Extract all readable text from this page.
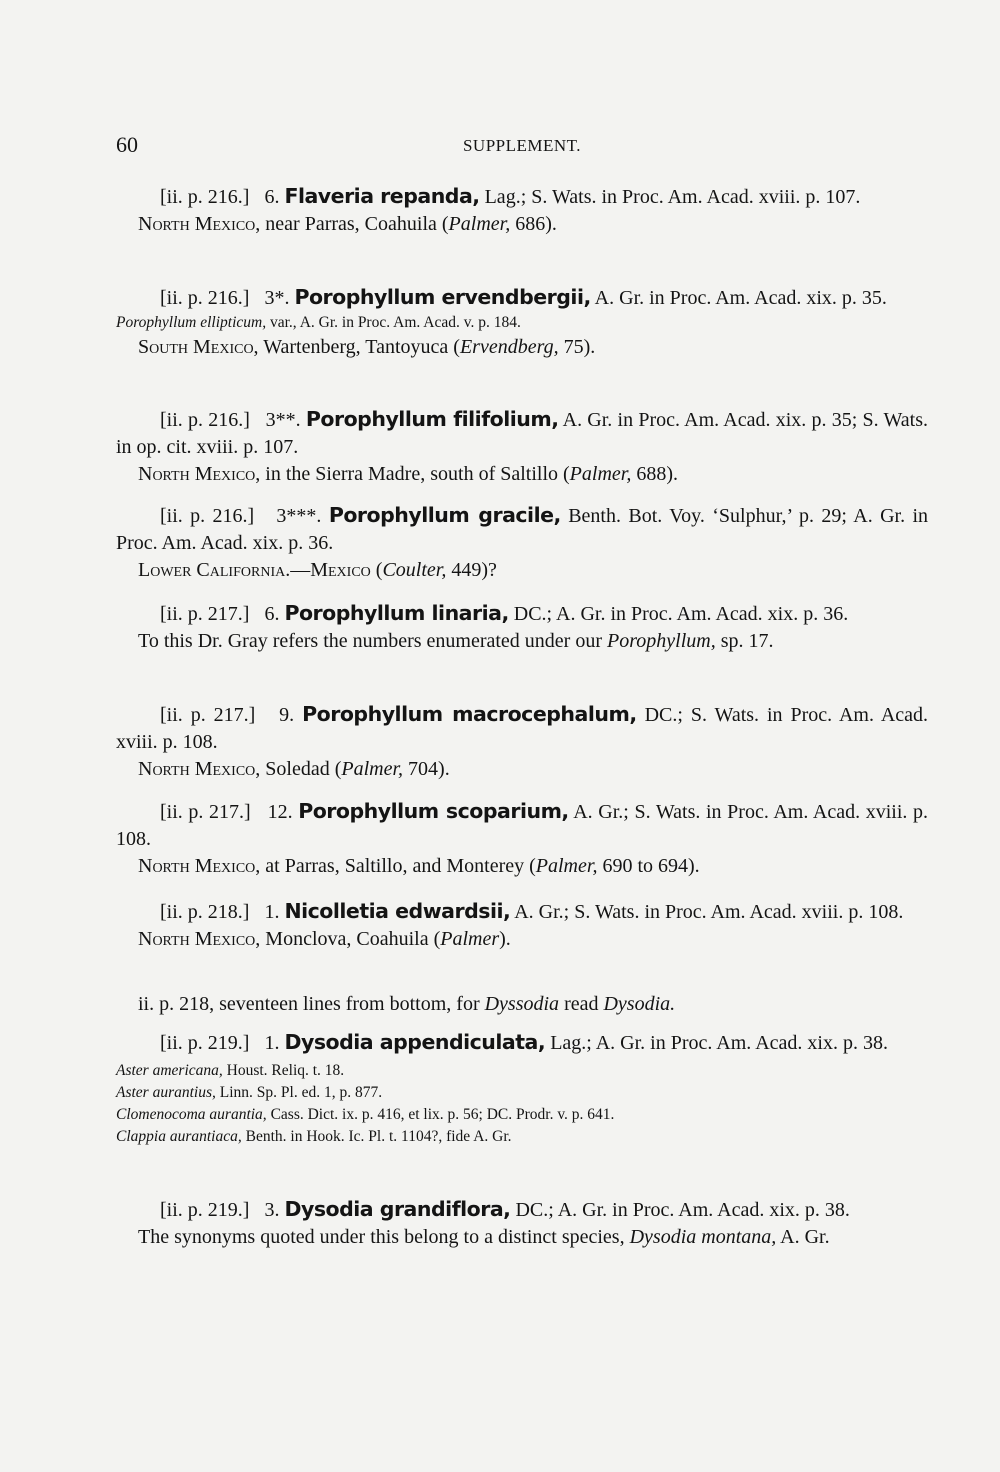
60	SUPPLEMENT.
[ii. p. 216.] 6. Flaveria repanda, Lag.; S. Wats. in Proc. Am. Acad. xviii. p. 107.
North Mexico, near Parras, Coahuila (Palmer, 686).
[ii. p. 216.] 3*. Porophyllum ervendbergii, A. Gr. in Proc. Am. Acad. xix. p. 35.
Porophyllum ellipticum, var., A. Gr. in Proc. Am. Acad. v. p. 184.
South Mexico, Wartenberg, Tantoyuca (Ervendberg, 75).
[ii. p. 216.] 3**. Porophyllum filifolium, A. Gr. in Proc. Am. Acad. xix. p. 35; S. Wats. in op. cit. xviii. p. 107.
North Mexico, in the Sierra Madre, south of Saltillo (Palmer, 688).
[ii. p. 216.] 3***. Porophyllum gracile, Benth. Bot. Voy. ‘Sulphur,’ p. 29; A. Gr. in Proc. Am. Acad. xix. p. 36.
Lower California.—Mexico (Coulter, 449)?
[ii. p. 217.] 6. Porophyllum linaria, DC.; A. Gr. in Proc. Am. Acad. xix. p. 36.
To this Dr. Gray refers the numbers enumerated under our Porophyllum, sp. 17.
[ii. p. 217.] 9. Porophyllum macrocephalum, DC.; S. Wats. in Proc. Am. Acad. xviii. p. 108.
North Mexico, Soledad (Palmer, 704).
[ii. p. 217.] 12. Porophyllum scoparium, A. Gr.; S. Wats. in Proc. Am. Acad. xviii. p. 108.
North Mexico, at Parras, Saltillo, and Monterey (Palmer, 690 to 694).
[ii. p. 218.] 1. Nicolletia edwardsii, A. Gr.; S. Wats. in Proc. Am. Acad. xviii. p. 108.
North Mexico, Monclova, Coahuila (Palmer).
ii. p. 218, seventeen lines from bottom, for Dyssodia read Dysodia.
[ii. p. 219.] 1. Dysodia appendiculata, Lag.; A. Gr. in Proc. Am. Acad. xix. p. 38.
Aster americana, Houst. Reliq. t. 18.
Aster aurantius, Linn. Sp. Pl. ed. 1, p. 877.
Clomenocoma aurantia, Cass. Dict. ix. p. 416, et lix. p. 56; DC. Prodr. v. p. 641.
Clappia aurantiaca, Benth. in Hook. Ic. Pl. t. 1104?, fide A. Gr.
[ii. p. 219.] 3. Dysodia grandiflora, DC.; A. Gr. in Proc. Am. Acad. xix. p. 38.
The synonyms quoted under this belong to a distinct species, Dysodia montana, A. Gr.
